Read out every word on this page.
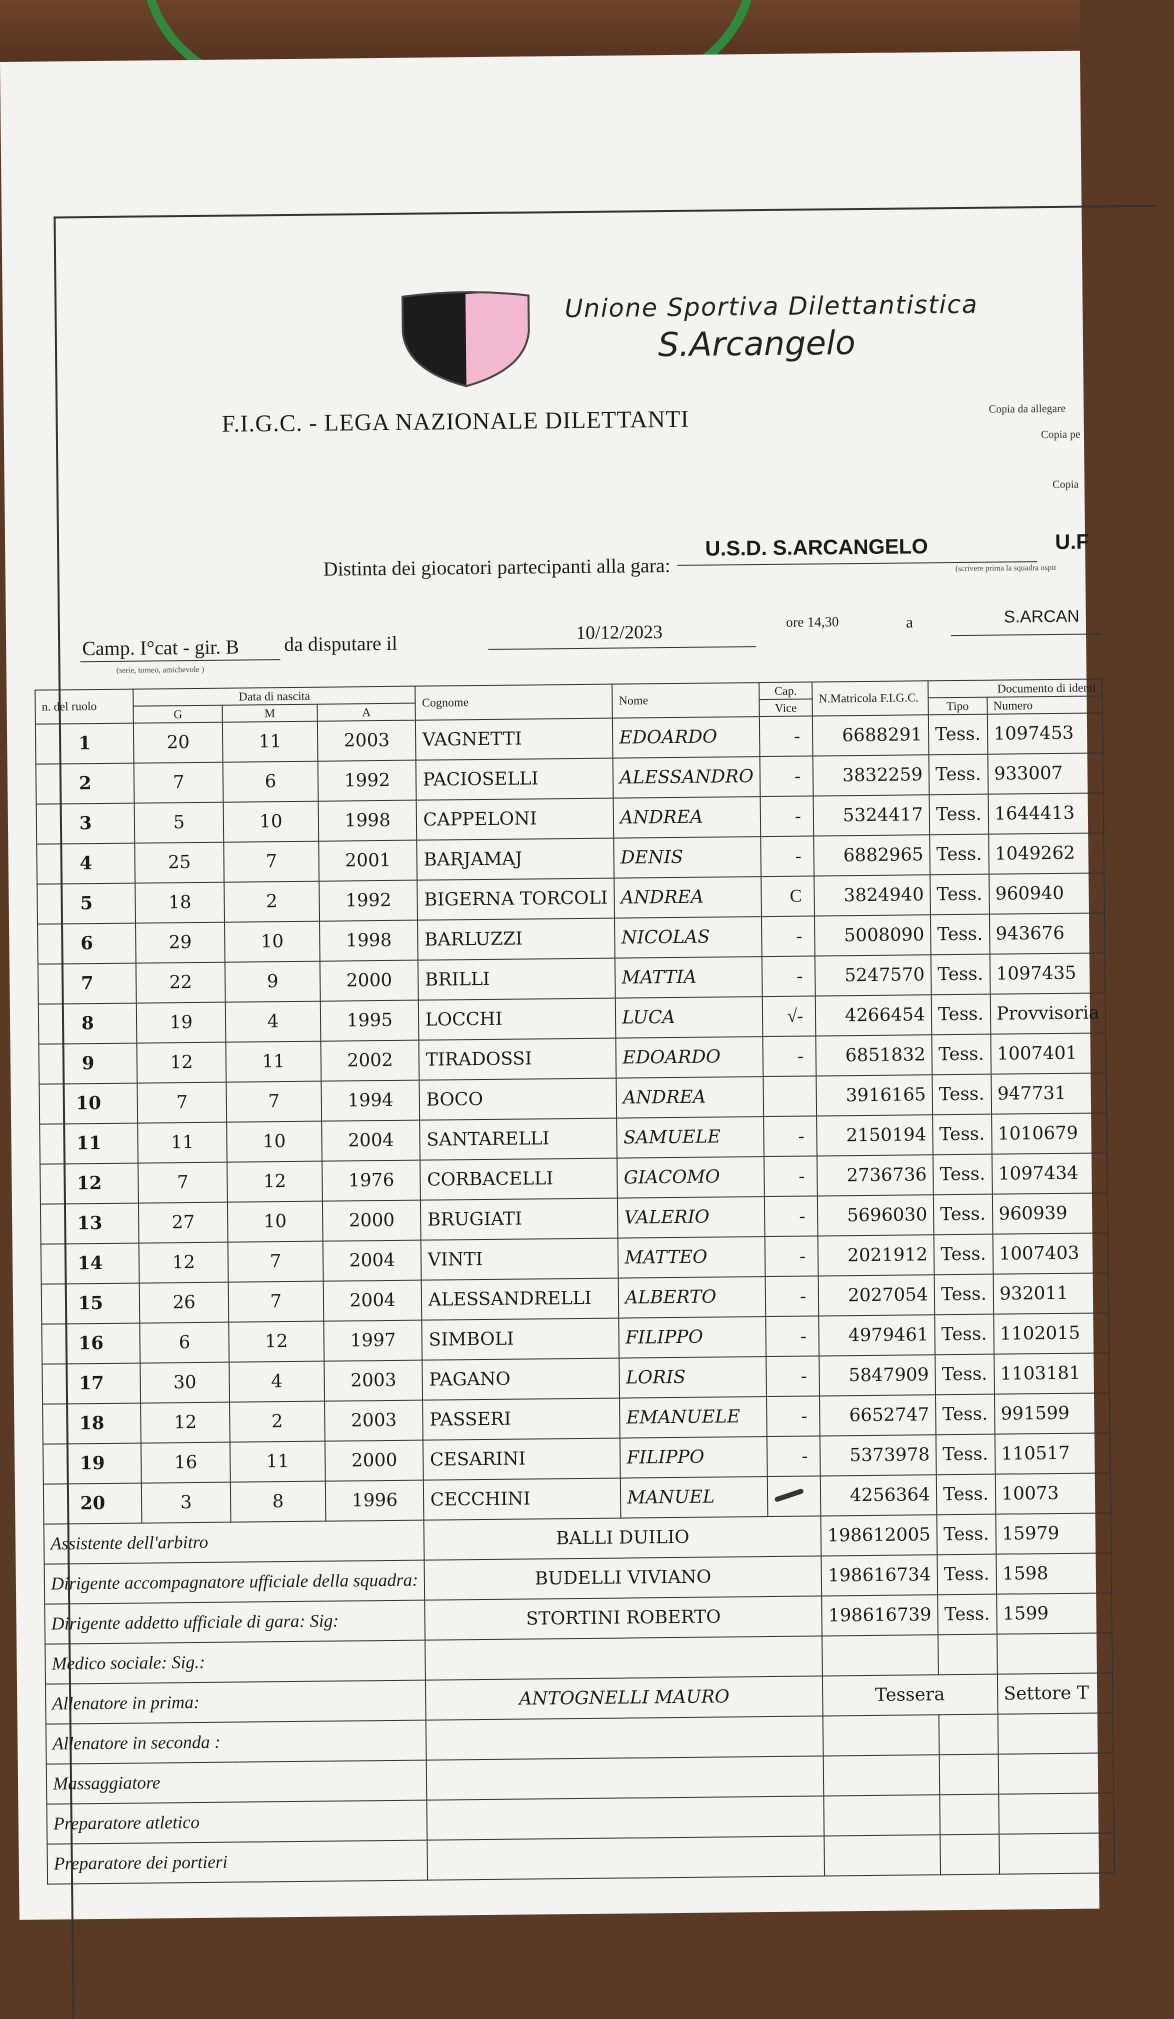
Unione Sportiva Dilettantistica
S.Arcangelo
F.I.G.C. - LEGA NAZIONALE DILETTANTI	Copia da allegare
Copia pe
Copia
Distinta dei giocatori partecipanti alla gara:
U.S.D. S.ARCANGELO	U.F
(scrivere prima la squadra ospit
Camp. I°cat - gir. B
(serie, torneo, amichevole )
da disputare il	10/12/2023	ore 14,30	a	S.ARCAN
n. del ruolo	Data di nascita			Cognome	Nome	Cap.	N.Matricola F.I.G.C.	Documento di identi	
	G	M	A			Vice		Tipo	Numero
1	20	11	2003	VAGNETTI	EDOARDO	-	6688291	Tess.	1097453
2	7	6	1992	PACIOSELLI	ALESSANDRO	-	3832259	Tess.	933007
3	5	10	1998	CAPPELONI	ANDREA	-	5324417	Tess.	1644413
4	25	7	2001	BARJAMAJ	DENIS	-	6882965	Tess.	1049262
5	18	2	1992	BIGERNA TORCOLI	ANDREA	C	3824940	Tess.	960940
6	29	10	1998	BARLUZZI	NICOLAS	-	5008090	Tess.	943676
7	22	9	2000	BRILLI	MATTIA	-	5247570	Tess.	1097435
8	19	4	1995	LOCCHI	LUCA	√-	4266454	Tess.	Provvisoria
9	12	11	2002	TIRADOSSI	EDOARDO	-	6851832	Tess.	1007401
10	7	7	1994	BOCO	ANDREA		3916165	Tess.	947731
11	11	10	2004	SANTARELLI	SAMUELE	-	2150194	Tess.	1010679
12	7	12	1976	CORBACELLI	GIACOMO	-	2736736	Tess.	1097434
13	27	10	2000	BRUGIATI	VALERIO	-	5696030	Tess.	960939
14	12	7	2004	VINTI	MATTEO	-	2021912	Tess.	1007403
15	26	7	2004	ALESSANDRELLI	ALBERTO	-	2027054	Tess.	932011
16	6	12	1997	SIMBOLI	FILIPPO	-	4979461	Tess.	1102015
17	30	4	2003	PAGANO	LORIS	-	5847909	Tess.	1103181
18	12	2	2003	PASSERI	EMANUELE	-	6652747	Tess.	991599
19	16	11	2000	CESARINI	FILIPPO	-	5373978	Tess.	110517
20	3	8	1996	CECCHINI	MANUEL		4256364	Tess.	10073
Assistente dell'arbitro				BALLI DUILIO			198612005	Tess.	15979
Dirigente accompagnatore ufficiale della squadra:				BUDELLI VIVIANO			198616734	Tess.	1598
Dirigente addetto ufficiale di gara: Sig:				STORTINI ROBERTO			198616739	Tess.	1599
Medico sociale: Sig.:									
Allenatore in prima:				ANTOGNELLI MAURO			Tessera		Settore T
Allenatore in seconda :									
Massaggiatore									
Preparatore atletico									
Preparatore dei portieri									
